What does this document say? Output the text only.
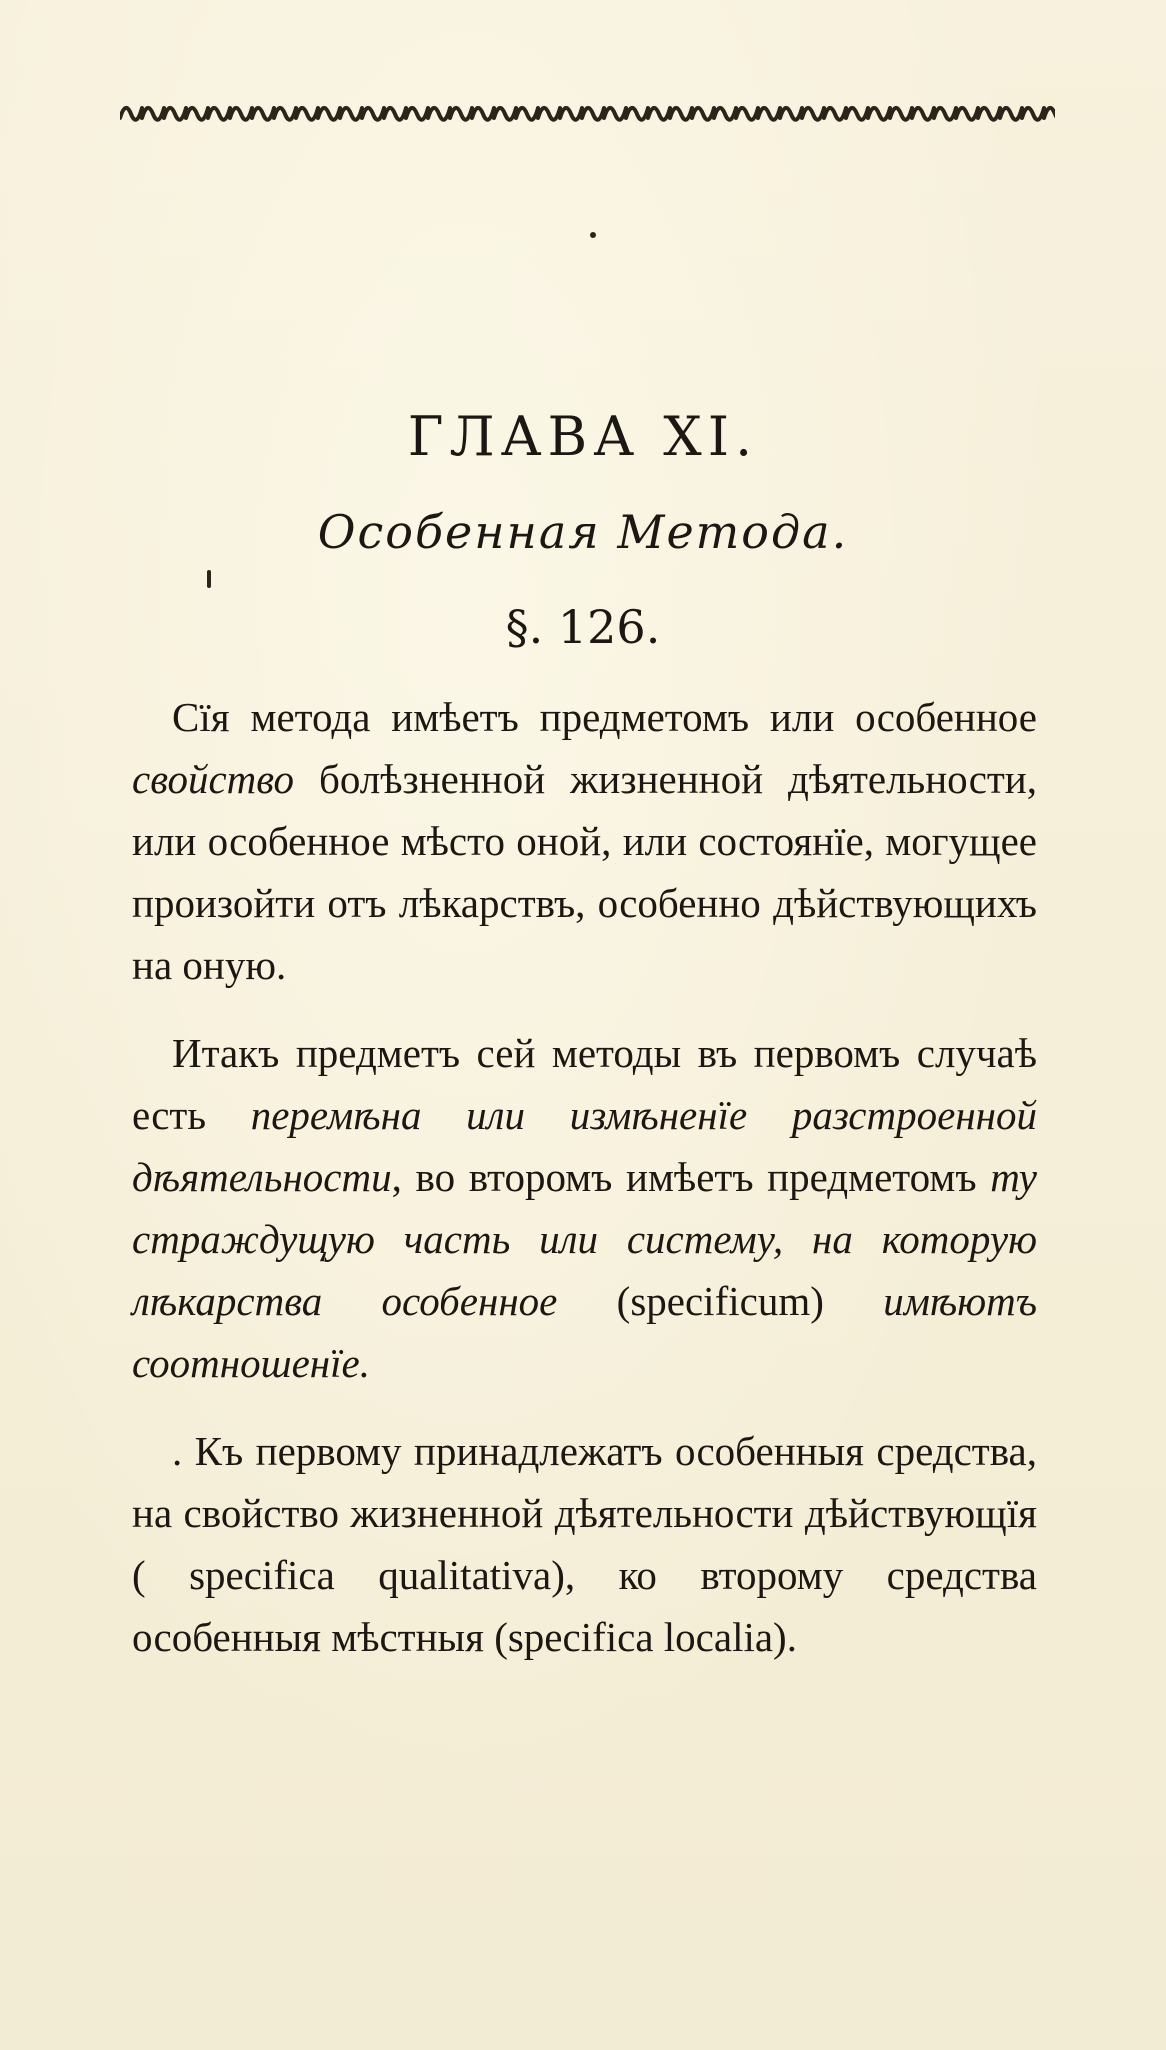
ГЛАВА XI.
Особенная Метода.
§. 126.

Сїя метода имѣетъ предметомъ или особенное свойство болѣзненной жизненной дѣятельности, или особенное мѣсто оной, или состоянїе, могущее произойти отъ лѣкарствъ, особенно дѣйствующихъ на оную.

Итакъ предметъ сей методы въ первомъ случаѣ есть перемѣна или измѣненїе разстроенной дѣятельности, во второмъ имѣетъ предметомъ ту страждущую часть или систему, на которую лѣкарства особенное (specificum) имѣютъ соотношенїе.

. Къ первому принадлежатъ особенныя средства, на свойство жизненной дѣятельности дѣйствующїя ( specifica qualitativa), ко второму средства особенныя мѣстныя (specifica localia).
